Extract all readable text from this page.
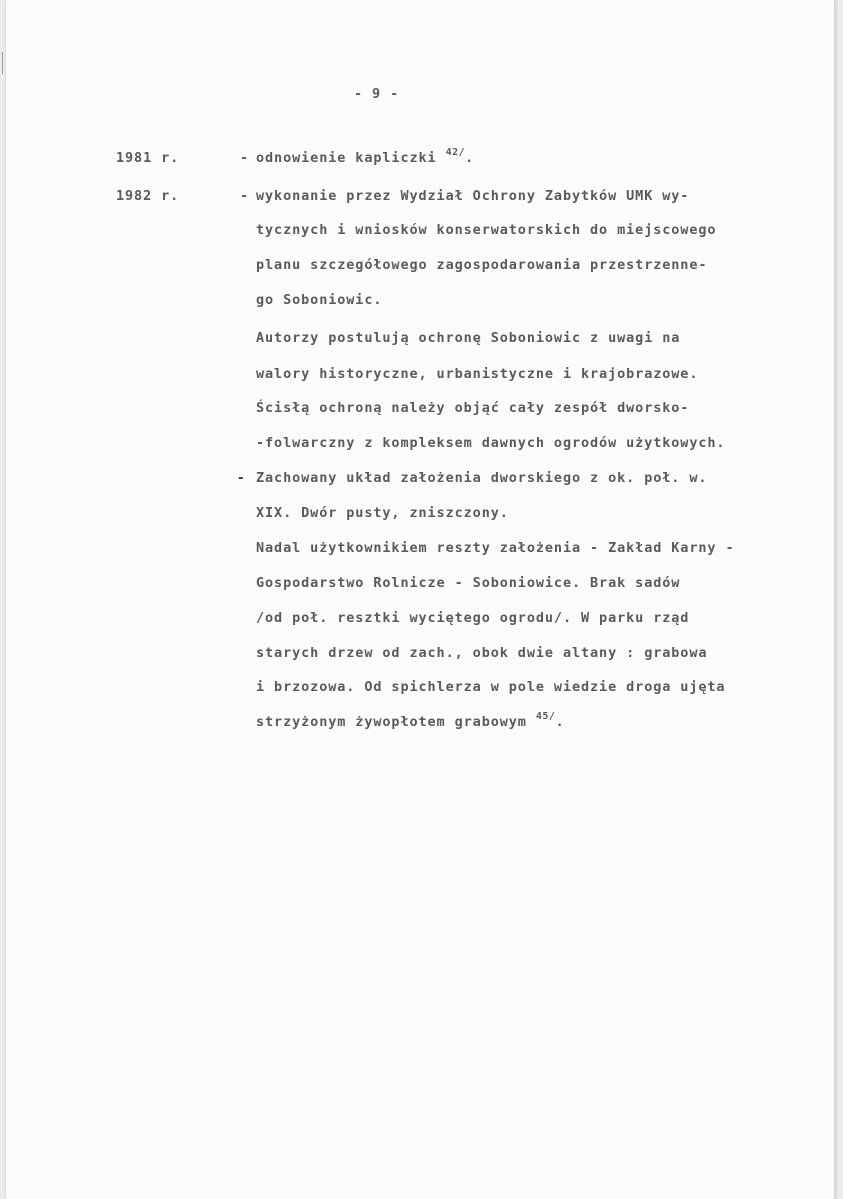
- 9 -
1981 r.	- odnowienie kapliczki $^{42/}$.
1982 r.	- wykonanie przez Wydział Ochrony Zabytków UMK wy-
tycznych i wniosków konserwatorskich do miejscowego
planu szczegółowego zagospodarowania przestrzenne-
go Soboniowic.
Autorzy postulują ochronę Soboniowic z uwagi na
walory historyczne, urbanistyczne i krajobrazowe.
Ścisłą ochroną należy objąć cały zespół dworsko-
-folwarczny z kompleksem dawnych ogrodów użytkowych.
- Zachowany układ założenia dworskiego z ok. poł. w.
XIX. Dwór pusty, zniszczony.
Nadal użytkownikiem reszty założenia - Zakład Karny -
Gospodarstwo Rolnicze - Soboniowice. Brak sadów
/od poł. resztki wyciętego ogrodu/. W parku rząd
starych drzew od zach., obok dwie altany : grabowa
i brzozowa. Od spichlerza w pole wiedzie droga ujęta
strzyżonym żywopłotem grabowym $^{45/}$.
